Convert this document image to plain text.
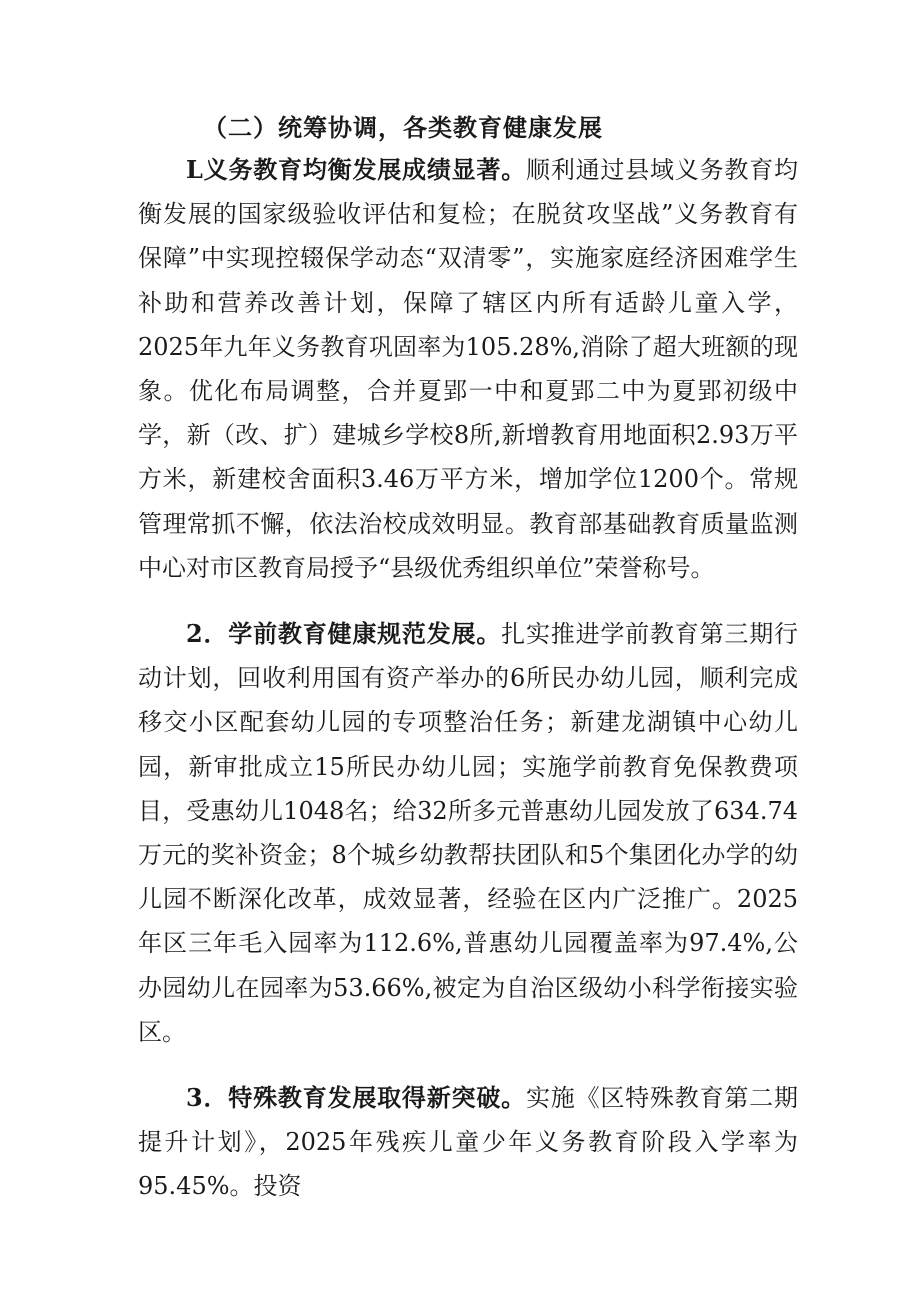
（二）统筹协调，各类教育健康发展

L义务教育均衡发展成绩显著。顺利通过县域义务教育均衡发展的国家级验收评估和复检；在脱贫攻坚战”义务教育有保障”中实现控辍保学动态“双清零”，实施家庭经济困难学生补助和营养改善计划，保障了辖区内所有适龄儿童入学，2025年九年义务教育巩固率为105.28%,消除了超大班额的现象。优化布局调整，合并夏郢一中和夏郢二中为夏郢初级中学，新（改、扩）建城乡学校8所,新增教育用地面积2.93万平方米，新建校舍面积3.46万平方米，增加学位1200个。常规管理常抓不懈，依法治校成效明显。教育部基础教育质量监测中心对市区教育局授予“县级优秀组织单位”荣誉称号。

2．学前教育健康规范发展。扎实推进学前教育第三期行动计划，回收利用国有资产举办的6所民办幼儿园，顺利完成移交小区配套幼儿园的专项整治任务；新建龙湖镇中心幼儿园，新审批成立15所民办幼儿园；实施学前教育免保教费项目，受惠幼儿1048名；给32所多元普惠幼儿园发放了634.74万元的奖补资金；8个城乡幼教帮扶团队和5个集团化办学的幼儿园不断深化改革，成效显著，经验在区内广泛推广。2025年区三年毛入园率为112.6%,普惠幼儿园覆盖率为97.4%,公办园幼儿在园率为53.66%,被定为自治区级幼小科学衔接实验区。

3．特殊教育发展取得新突破。实施《区特殊教育第二期提升计划》，2025年残疾儿童少年义务教育阶段入学率为95.45%。投资
